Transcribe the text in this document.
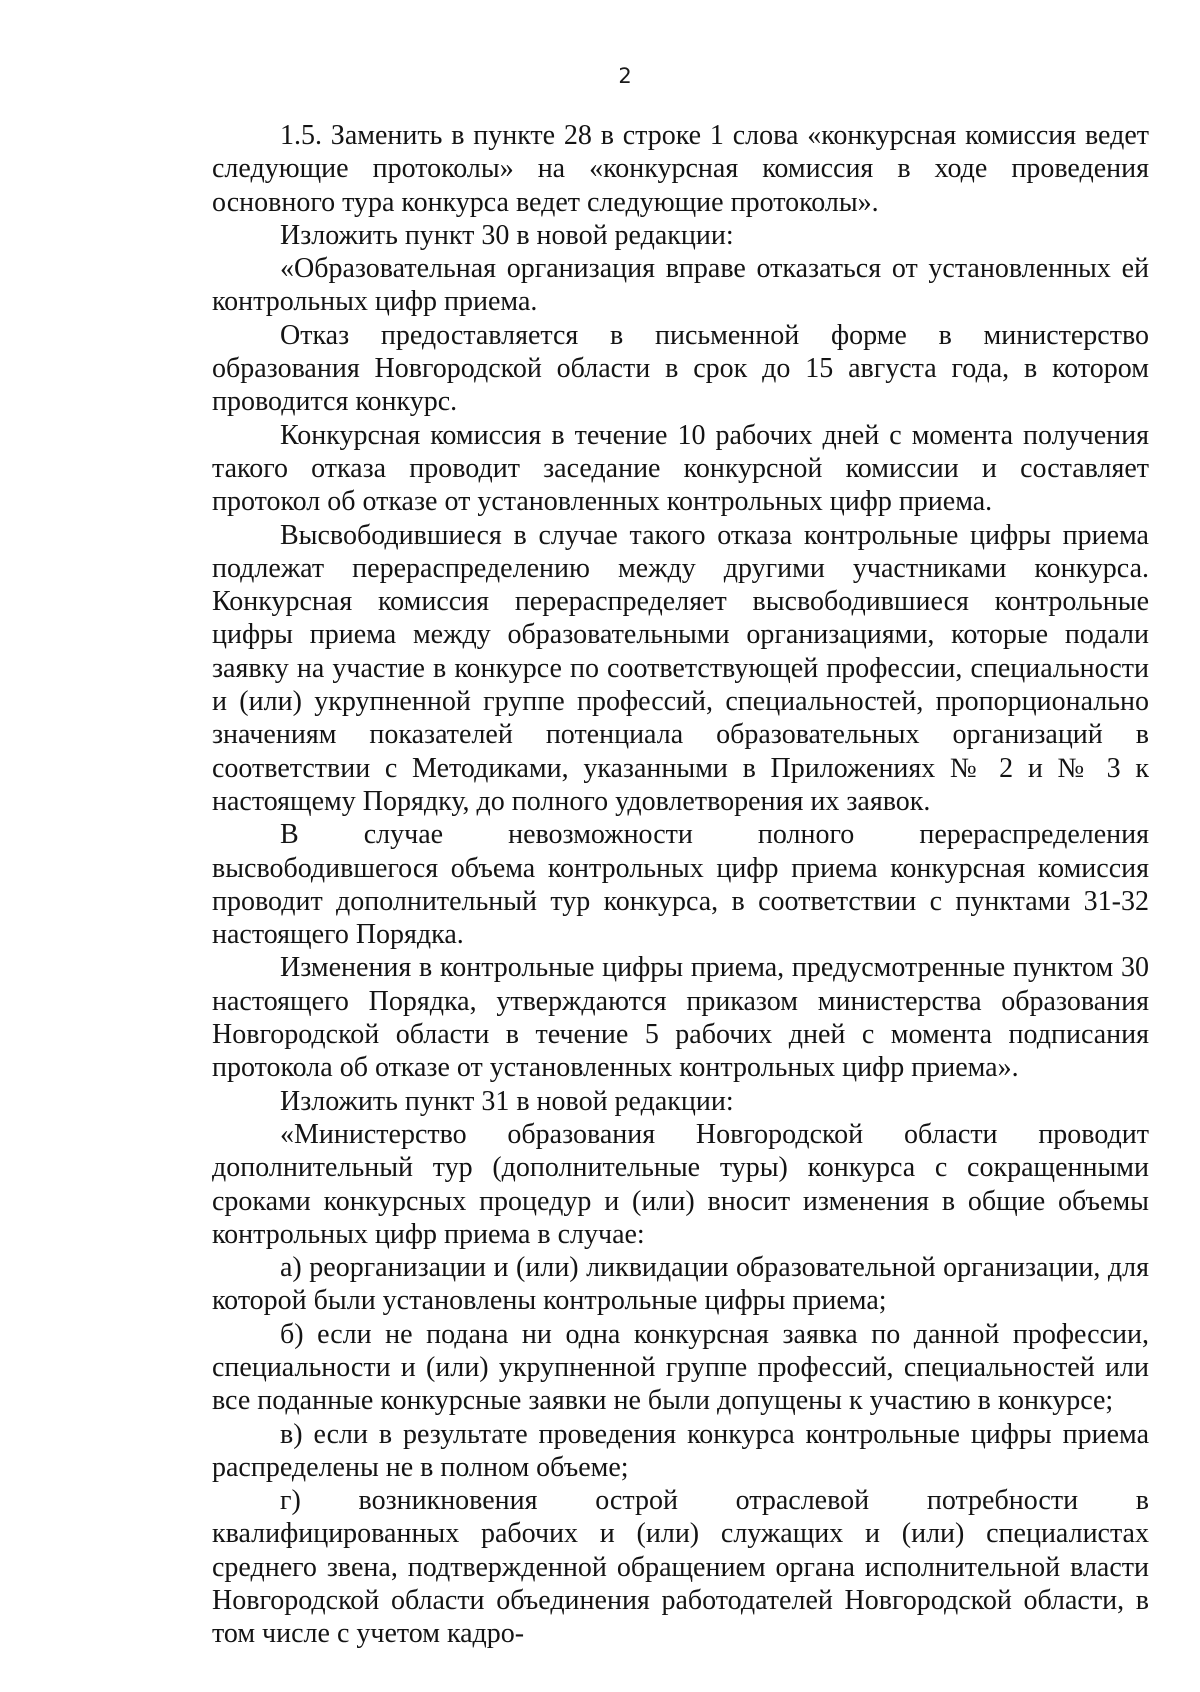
2

1.5. Заменить в пункте 28 в строке 1 слова «конкурсная комиссия ведет следующие протоколы» на «конкурсная комиссия в ходе проведения основного тура конкурса ведет следующие протоколы».

Изложить пункт 30 в новой редакции:

«Образовательная организация вправе отказаться от установленных ей контрольных цифр приема.

Отказ предоставляется в письменной форме в министерство образования Новгородской области в срок до 15 августа года, в котором проводится конкурс.

Конкурсная комиссия в течение 10 рабочих дней с момента получения такого отказа проводит заседание конкурсной комиссии и составляет протокол об отказе от установленных контрольных цифр приема.

Высвободившиеся в случае такого отказа контрольные цифры приема подлежат перераспределению между другими участниками конкурса. Конкурсная комиссия перераспределяет высвободившиеся контрольные цифры приема между образовательными организациями, которые подали заявку на участие в конкурсе по соответствующей профессии, специальности и (или) укрупненной группе профессий, специальностей, пропорционально значениям показателей потенциала образовательных организаций в соответствии с Методиками, указанными в Приложениях № 2 и № 3 к настоящему Порядку, до полного удовлетворения их заявок.

В случае невозможности полного перераспределения высвободившегося объема контрольных цифр приема конкурсная комиссия проводит дополнительный тур конкурса, в соответствии с пунктами 31-32 настоящего Порядка.

Изменения в контрольные цифры приема, предусмотренные пунктом 30 настоящего Порядка, утверждаются приказом министерства образования Новгородской области в течение 5 рабочих дней с момента подписания протокола об отказе от установленных контрольных цифр приема».

Изложить пункт 31 в новой редакции:

«Министерство образования Новгородской области проводит дополнительный тур (дополнительные туры) конкурса с сокращенными сроками конкурсных процедур и (или) вносит изменения в общие объемы контрольных цифр приема в случае:

а) реорганизации и (или) ликвидации образовательной организации, для которой были установлены контрольные цифры приема;

б) если не подана ни одна конкурсная заявка по данной профессии, специальности и (или) укрупненной группе профессий, специальностей или все поданные конкурсные заявки не были допущены к участию в конкурсе;

в) если в результате проведения конкурса контрольные цифры приема распределены не в полном объеме;

г) возникновения острой отраслевой потребности в квалифицированных рабочих и (или) служащих и (или) специалистах среднего звена, подтвержденной обращением органа исполнительной власти Новгородской области объединения работодателей Новгородской области, в том числе с учетом кадро-
